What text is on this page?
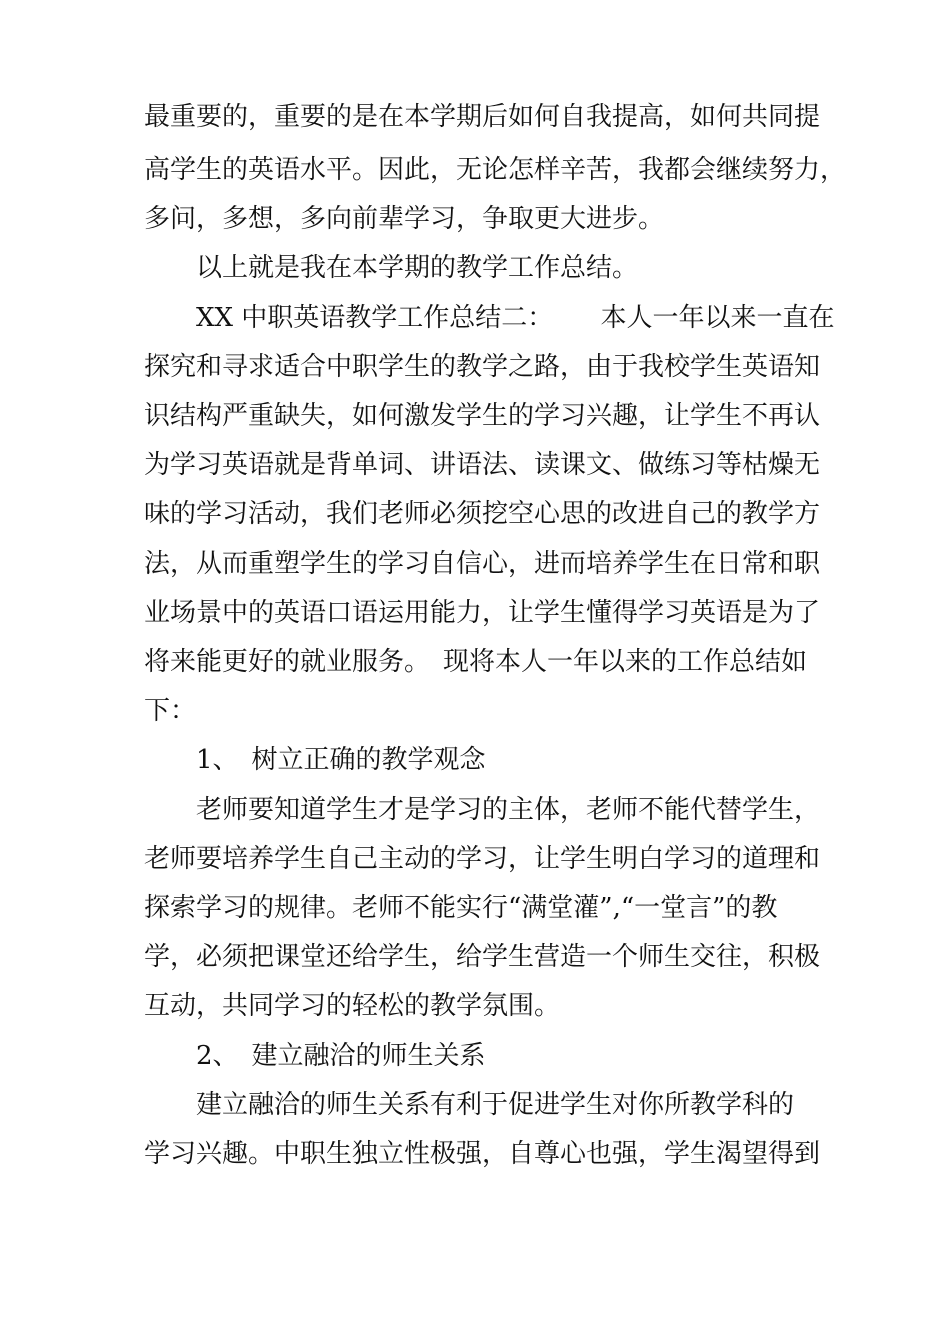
最重要的，重要的是在本学期后如何自我提高，如何共同提
高学生的英语水平。因此，无论怎样辛苦，我都会继续努力，
多问，多想，多向前辈学习，争取更大进步。
以上就是我在本学期的教学工作总结。
XX 中职英语教学工作总结二：　　 本人一年以来一直在
探究和寻求适合中职学生的教学之路，由于我校学生英语知
识结构严重缺失，如何激发学生的学习兴趣，让学生不再认
为学习英语就是背单词、讲语法、读课文、做练习等枯燥无
味的学习活动，我们老师必须挖空心思的改进自己的教学方
法，从而重塑学生的学习自信心，进而培养学生在日常和职
业场景中的英语口语运用能力，让学生懂得学习英语是为了
将来能更好的就业服务。　现将本人一年以来的工作总结如
下：
1、　树立正确的教学观念
老师要知道学生才是学习的主体，老师不能代替学生，
老师要培养学生自己主动的学习，让学生明白学习的道理和
探索学习的规律。老师不能实行“满堂灌”,“一堂言”的教
学，必须把课堂还给学生，给学生营造一个师生交往，积极
互动，共同学习的轻松的教学氛围。
2、　建立融洽的师生关系
建立融洽的师生关系有利于促进学生对你所教学科的
学习兴趣。中职生独立性极强，自尊心也强，学生渴望得到
